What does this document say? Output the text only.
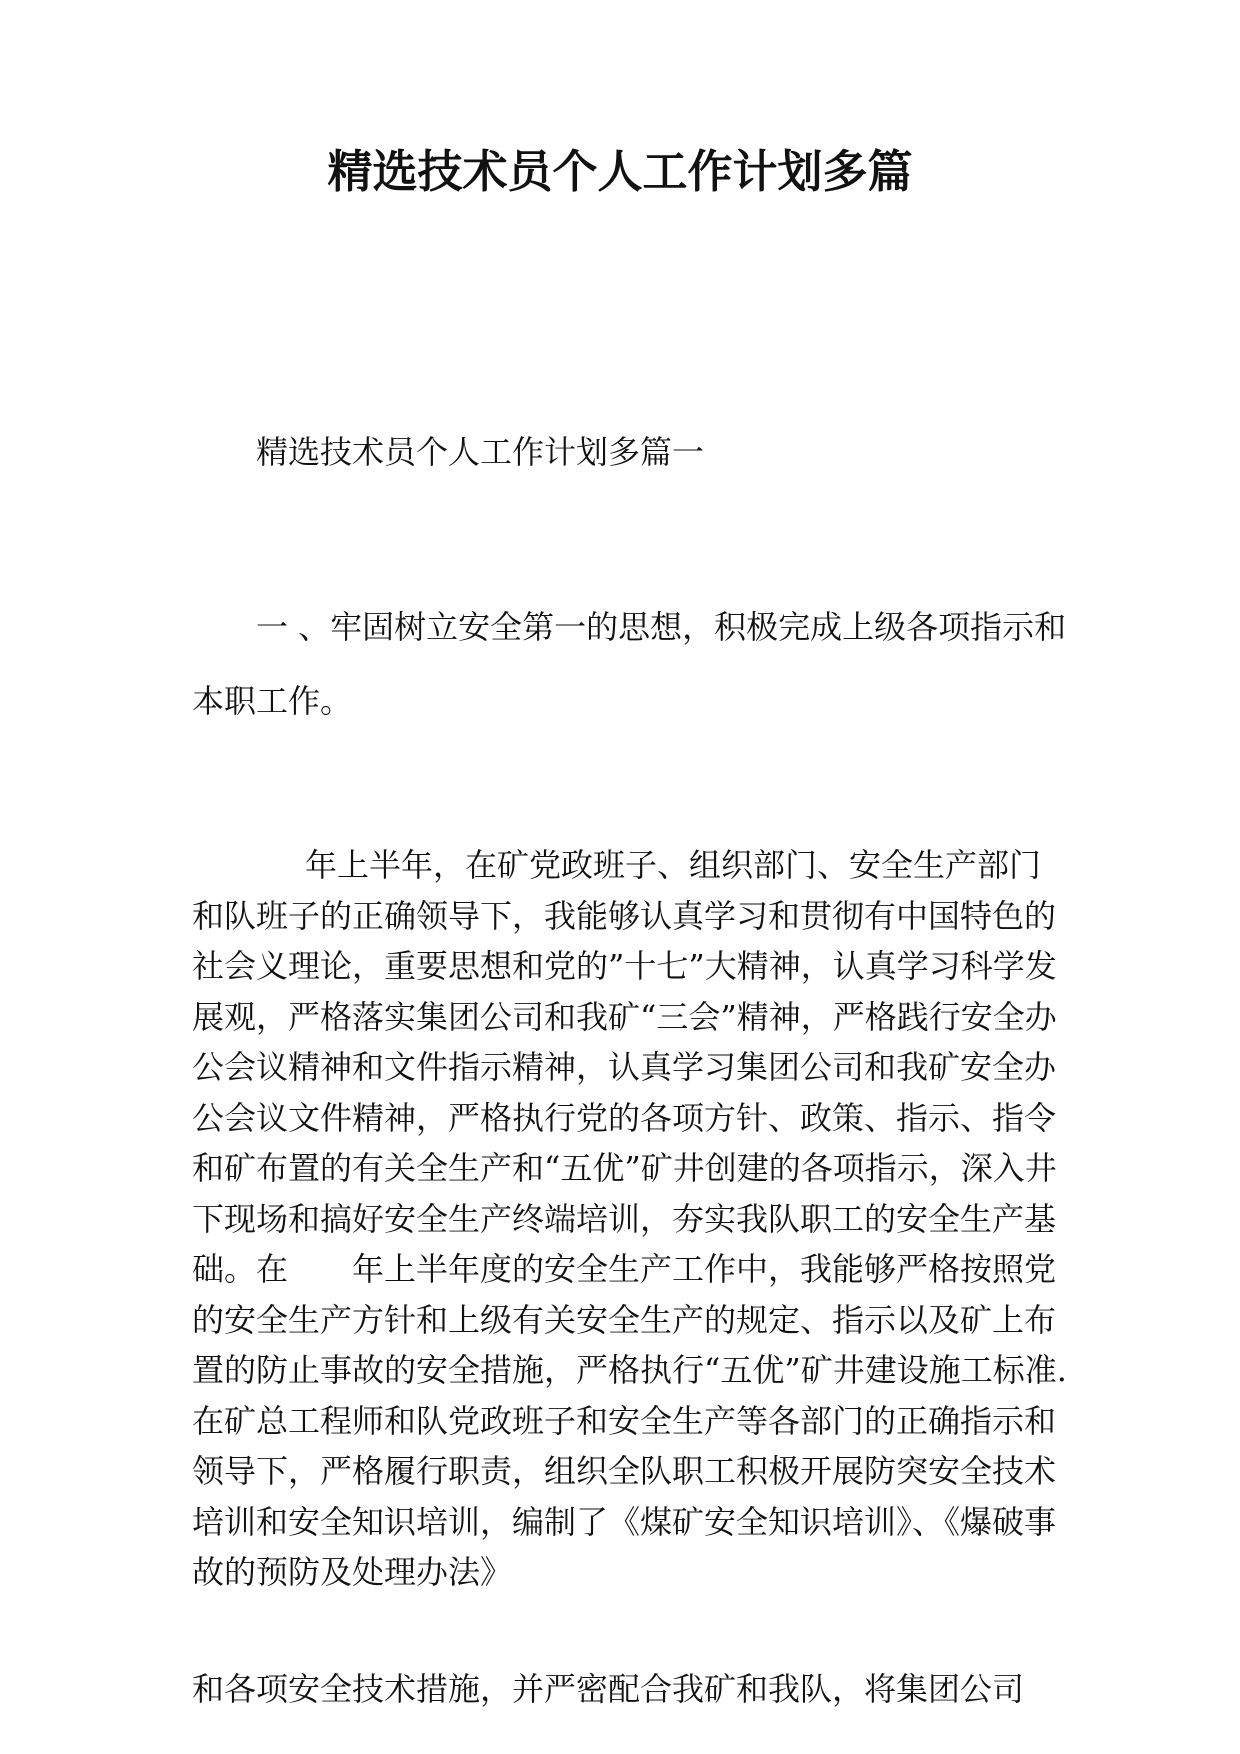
精选技术员个人工作计划多篇

精选技术员个人工作计划多篇一

一 、牢固树立安全第一的思想，积极完成上级各项指示和本职工作。

年上半年，在矿党政班子、组织部门、安全生产部门和队班子的正确领导下，我能够认真学习和贯彻有中国特色的社会义理论，重要思想和党的”十七”大精神，认真学习科学发展观，严格落实集团公司和我矿“三会”精神，严格践行安全办公会议精神和文件指示精神，认真学习集团公司和我矿安全办公会议文件精神，严格执行党的各项方针、政策、指示、指令和矿布置的有关全生产和“五优”矿井创建的各项指示，深入井下现场和搞好安全生产终端培训，夯实我队职工的安全生产基础。在　　年上半年度的安全生产工作中，我能够严格按照党的安全生产方针和上级有关安全生产的规定、指示以及矿上布置的防止事故的安全措施，严格执行“五优”矿井建设施工标准.在矿总工程师和队党政班子和安全生产等各部门的正确指示和领导下，严格履行职责，组织全队职工积极开展防突安全技术培训和安全知识培训，编制了《煤矿安全知识培训》、《爆破事故的预防及处理办法》

和各项安全技术措施，并严密配合我矿和我队，将集团公司
